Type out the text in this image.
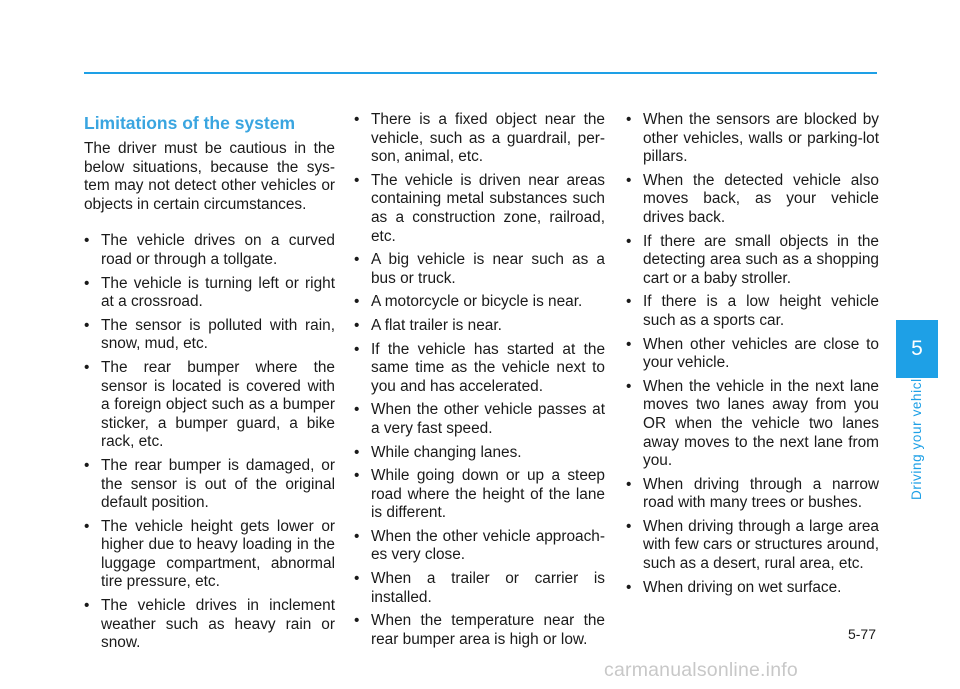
Limitations of the system

The driver must be cautious in the below situations, because the sys-tem may not detect other vehicles or objects in certain circumstances.

• The vehicle drives on a curved road or through a tollgate.
• The vehicle is turning left or right at a crossroad.
• The sensor is polluted with rain, snow, mud, etc.
• The rear bumper where the sensor is located is covered with a foreign object such as a bumper sticker, a bumper guard, a bike rack, etc.
• The rear bumper is damaged, or the sensor is out of the original default position.
• The vehicle height gets lower or higher due to heavy loading in the luggage compartment, abnormal tire pressure, etc.
• The vehicle drives in inclement weather such as heavy rain or snow.
• There is a fixed object near the vehicle, such as a guardrail, per-son, animal, etc.
• The vehicle is driven near areas containing metal substances such as a construction zone, railroad, etc.
• A big vehicle is near such as a bus or truck.
• A motorcycle or bicycle is near.
• A flat trailer is near.
• If the vehicle has started at the same time as the vehicle next to you and has accelerated.
• When the other vehicle passes at a very fast speed.
• While changing lanes.
• While going down or up a steep road where the height of the lane is different.
• When the other vehicle approach-es very close.
• When a trailer or carrier is installed.
• When the temperature near the rear bumper area is high or low.
• When the sensors are blocked by other vehicles, walls or parking-lot pillars.
• When the detected vehicle also moves back, as your vehicle drives back.
• If there are small objects in the detecting area such as a shopping cart or a baby stroller.
• If there is a low height vehicle such as a sports car.
• When other vehicles are close to your vehicle.
• When the vehicle in the next lane moves two lanes away from you OR when the vehicle two lanes away moves to the next lane from you.
• When driving through a narrow road with many trees or bushes.
• When driving through a large area with few cars or structures around, such as a desert, rural area, etc.
• When driving on wet surface.
5
Driving your vehicle
5-77
carmanualsonline.info
